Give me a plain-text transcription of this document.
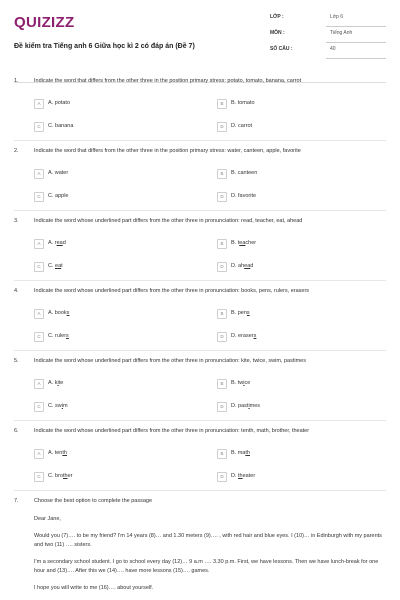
QUIZIZZ
Đề kiểm tra Tiếng anh 6 Giữa học kì 2 có đáp án (Đề 7)
LỚP :	Lớp 6
MÔN :	Tiếng Anh
SỐ CÂU :	40
1.	Indicate the word that differs from the other three in the position primary stress: potato, tomato, banana, carrot
A	A. potato	B	B. tomato
C	C. banana	D	D. carrot
2.	Indicate the word that differs from the other three in the position primary stress: water, canteen, apple, favorite
A	A. water	B	B. canteen
C	C. apple	D	D. favorite
3.	Indicate the word whose underlined part differs from the other three in pronunciation: read, teacher, eat, ahead
A	A. read	B	B. teacher
C	C. eat	D	D. ahead
4.	Indicate the word whose underlined part differs from the other three in pronunciation: books, pens, rulers, erasers
A	A. books	B	B. pens
C	C. rulers	D	D. erasers
5.	Indicate the word whose underlined part differs from the other three in pronunciation: kite, twice, swim, pastimes
A	A. kite	B	B. twice
C	C. swim	D	D. pastimes
6.	Indicate the word whose underlined part differs from the other three in pronunciation: tenth, math, brother, theater
A	A. tenth	B	B. math
C	C. brother	D	D. theater
7.	Choose the best option to complete the passage

Dear Jane,

Would you (7)…. to be my friend? I'm 14 years (8)… and 1.30 meters (9)…. , with red hair and blue eyes. I (10)… in Edinburgh with my parents and two (11) …. sisters.

I'm a secondary school student. I go to school every day (12)… 9 a.m …. 3.30 p.m. First, we have lessons. Then we have lunch-break for one hour and (13)…. After this we (14)…. have more lessons (15)…. games.

I hope you will write to me (16)…. about yourself.
